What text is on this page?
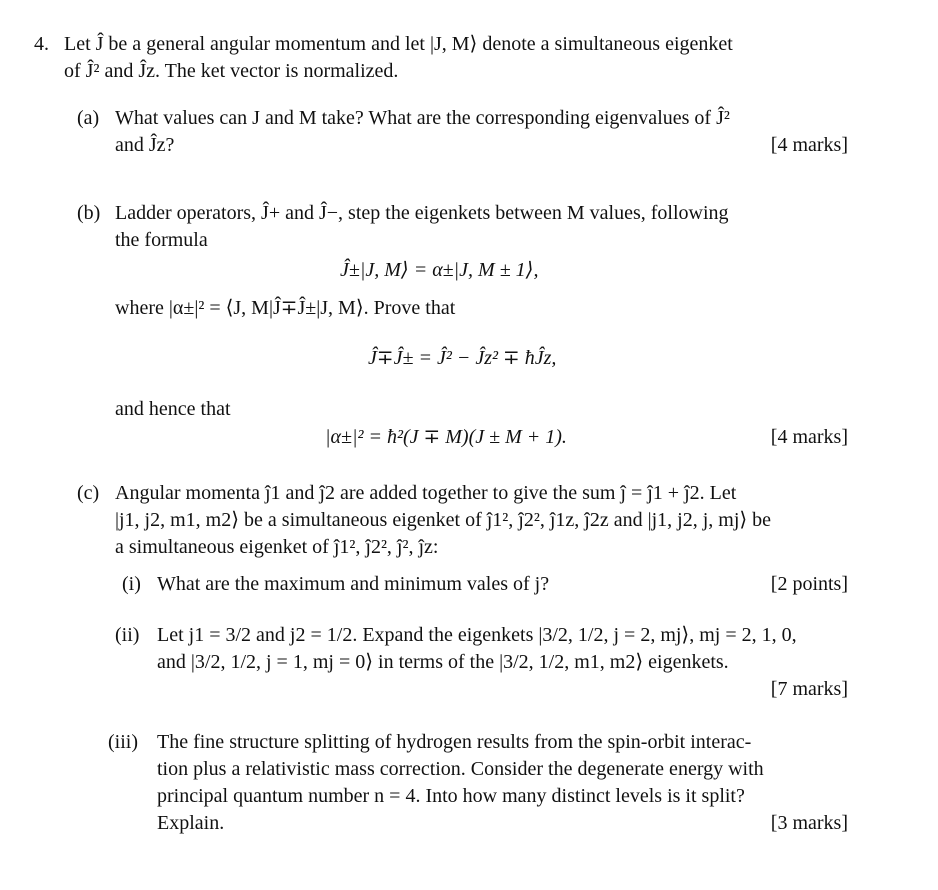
4. Let Ĵ be a general angular momentum and let |J, M⟩ denote a simultaneous eigenket
of Ĵ² and Ĵz. The ket vector is normalized.
(a) What values can J and M take? What are the corresponding eigenvalues of Ĵ²
and Ĵz?	[4 marks]
(b) Ladder operators, Ĵ+ and Ĵ−, step the eigenkets between M values, following
the formula
Ĵ±|J, M⟩ = α±|J, M ± 1⟩,
where |α±|² = ⟨J, M|Ĵ∓Ĵ±|J, M⟩. Prove that
Ĵ∓Ĵ± = Ĵ² − Ĵz² ∓ ħĴz,
and hence that
|α±|² = ħ²(J ∓ M)(J ± M + 1).	[4 marks]
(c) Angular momenta ĵ1 and ĵ2 are added together to give the sum ĵ = ĵ1 + ĵ2. Let
|j1, j2, m1, m2⟩ be a simultaneous eigenket of ĵ1², ĵ2², ĵ1z, ĵ2z and |j1, j2, j, mj⟩ be
a simultaneous eigenket of ĵ1², ĵ2², ĵ², ĵz:
(i) What are the maximum and minimum vales of j?	[2 points]
(ii) Let j1 = 3/2 and j2 = 1/2. Expand the eigenkets |3/2, 1/2, j = 2, mj⟩, mj = 2, 1, 0,
and |3/2, 1/2, j = 1, mj = 0⟩ in terms of the |3/2, 1/2, m1, m2⟩ eigenkets.
[7 marks]
(iii) The fine structure splitting of hydrogen results from the spin-orbit interac-
tion plus a relativistic mass correction. Consider the degenerate energy with
principal quantum number n = 4. Into how many distinct levels is it split?
Explain.	[3 marks]
